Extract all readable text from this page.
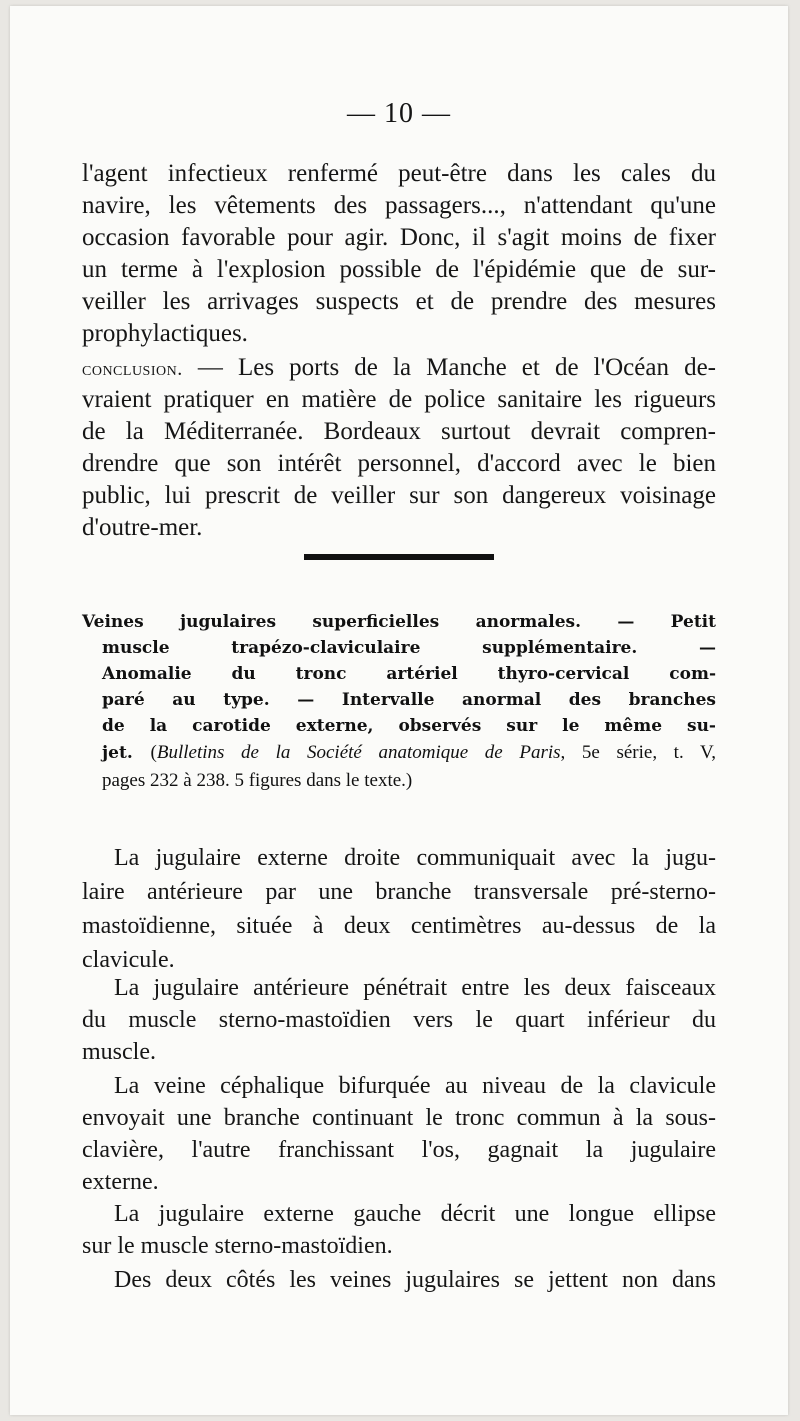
— 10 —
l'agent infectieux renfermé peut-être dans les cales du
navire, les vêtements des passagers..., n'attendant qu'une
occasion favorable pour agir. Donc, il s'agit moins de fixer
un terme à l'explosion possible de l'épidémie que de sur-
veiller les arrivages suspects et de prendre des mesures
prophylactiques.
conclusion. — Les ports de la Manche et de l'Océan de-
vraient pratiquer en matière de police sanitaire les rigueurs
de la Méditerranée. Bordeaux surtout devrait compren-
drendre que son intérêt personnel, d'accord avec le bien
public, lui prescrit de veiller sur son dangereux voisinage
d'outre-mer.
Veines jugulaires superficielles anormales. — Petit
muscle trapézo-claviculaire supplémentaire. —
Anomalie du tronc artériel thyro-cervical com-
paré au type. — Intervalle anormal des branches
de la carotide externe, observés sur le même su-
jet. (Bulletins de la Société anatomique de Paris, 5e série, t. V,
pages 232 à 238. 5 figures dans le texte.)
La jugulaire externe droite communiquait avec la jugu-
laire antérieure par une branche transversale pré-sterno-
mastoïdienne, située à deux centimètres au-dessus de la
clavicule.
La jugulaire antérieure pénétrait entre les deux faisceaux
du muscle sterno-mastoïdien vers le quart inférieur du
muscle.
La veine céphalique bifurquée au niveau de la clavicule
envoyait une branche continuant le tronc commun à la sous-
clavière, l'autre franchissant l'os, gagnait la jugulaire
externe.
La jugulaire externe gauche décrit une longue ellipse
sur le muscle sterno-mastoïdien.
Des deux côtés les veines jugulaires se jettent non dans
